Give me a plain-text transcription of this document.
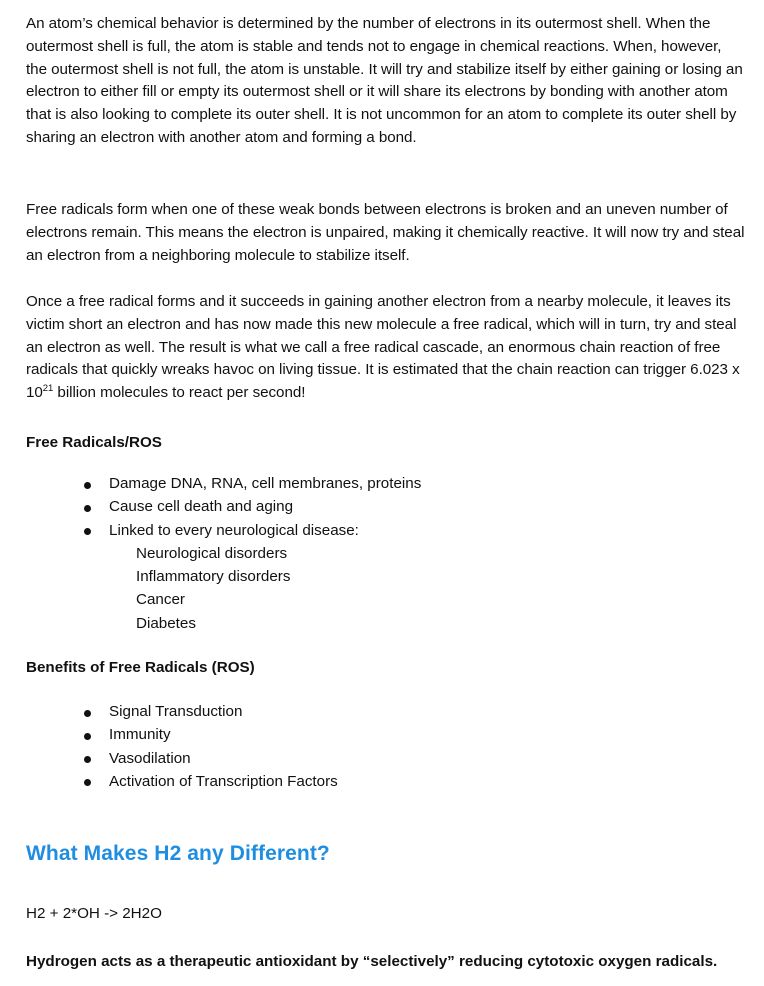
An atom’s chemical behavior is determined by the number of electrons in its outermost shell. When the outermost shell is full, the atom is stable and tends not to engage in chemical reactions. When, however, the outermost shell is not full, the atom is unstable. It will try and stabilize itself by either gaining or losing an electron to either fill or empty its outermost shell or it will share its electrons by bonding with another atom that is also looking to complete its outer shell. It is not uncommon for an atom to complete its outer shell by sharing an electron with another atom and forming a bond.

Free radicals form when one of these weak bonds between electrons is broken and an uneven number of electrons remain. This means the electron is unpaired, making it chemically reactive. It will now try and steal an electron from a neighboring molecule to stabilize itself.

Once a free radical forms and it succeeds in gaining another electron from a nearby molecule, it leaves its victim short an electron and has now made this new molecule a free radical, which will in turn, try and steal an electron as well. The result is what we call a free radical cascade, an enormous chain reaction of free radicals that quickly wreaks havoc on living tissue. It is estimated that the chain reaction can trigger 6.023 x $10^{21}$ billion molecules to react per second!

Free Radicals/ROS

Damage DNA, RNA, cell membranes, proteins
Cause cell death and aging
Linked to every neurological disease:
Neurological disorders
Inflammatory disorders
Cancer
Diabetes

Benefits of Free Radicals (ROS)

Signal Transduction
Immunity
Vasodilation
Activation of Transcription Factors
What Makes H2 any Different?

H2 + 2*OH -> 2H2O

Hydrogen acts as a therapeutic antioxidant by “selectively” reducing cytotoxic oxygen radicals.
